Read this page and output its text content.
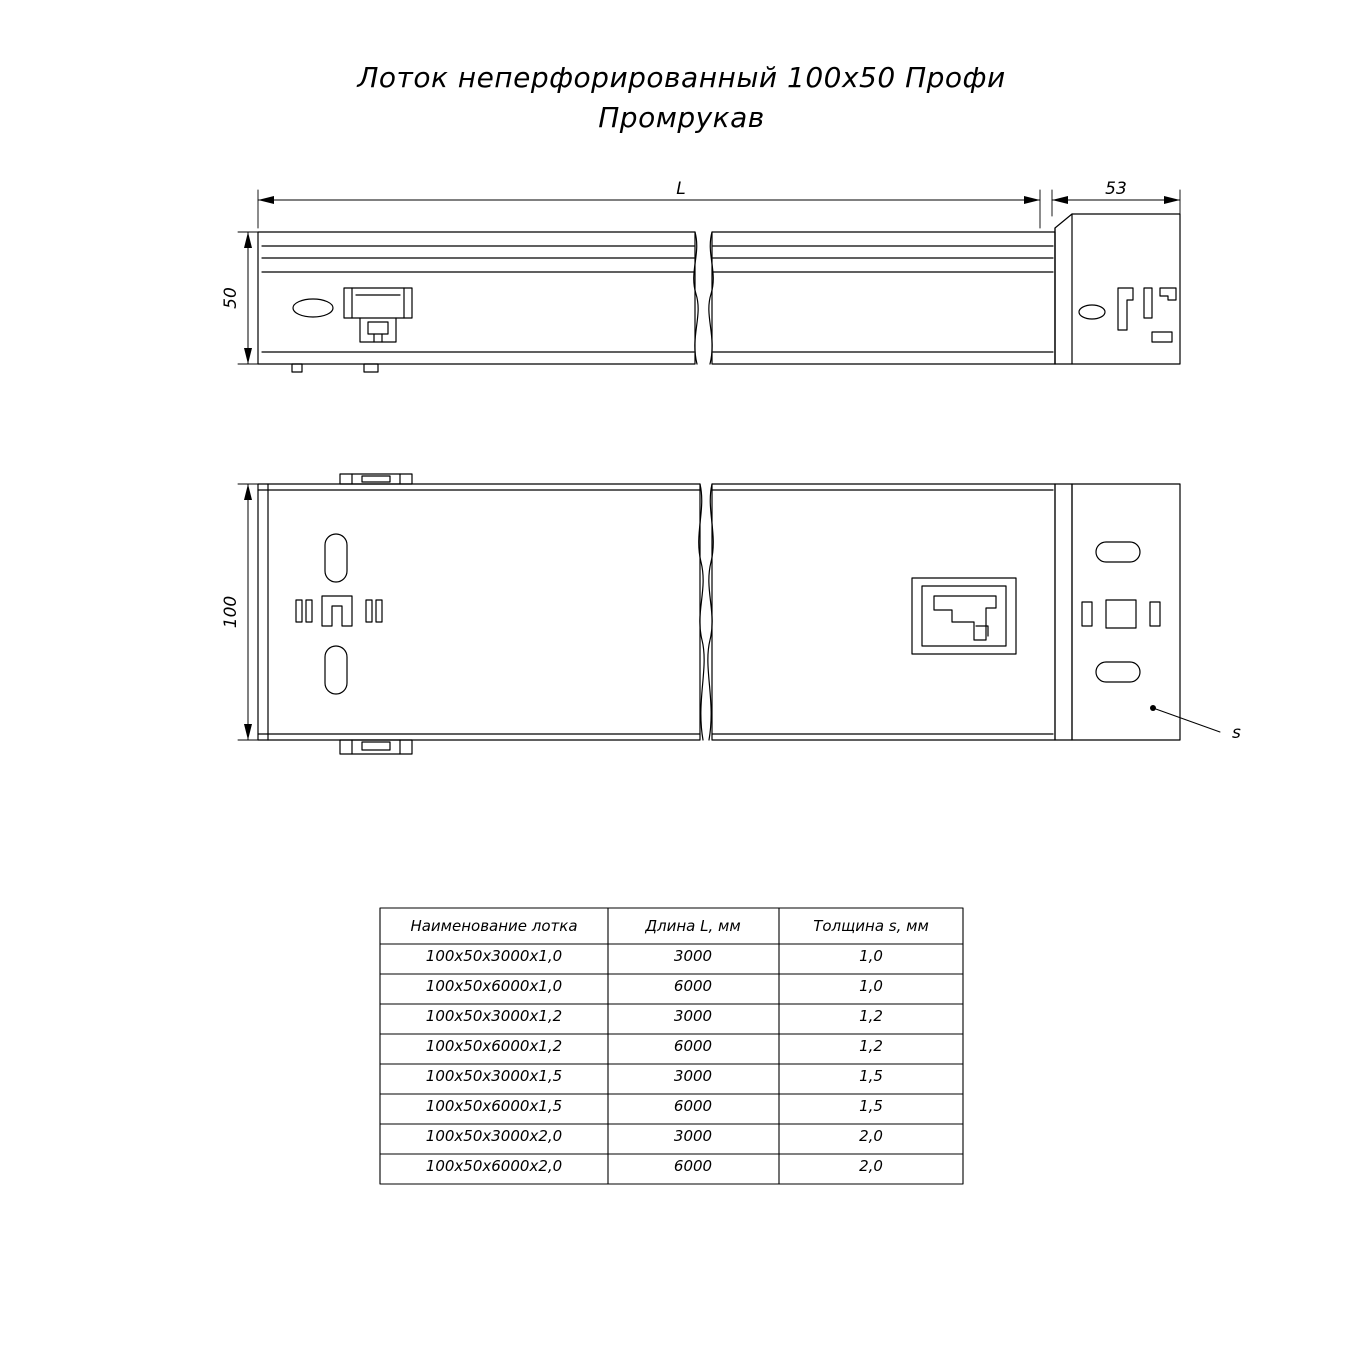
Лоток неперфорированный 100х50 Профи
Промрукав
L	53
50
100
s
Наименование лотка	Длина L, мм	Толщина s, мм
100х50х3000х1,0	3000	1,0
100х50х6000х1,0	6000	1,0
100х50х3000х1,2	3000	1,2
100х50х6000х1,2	6000	1,2
100х50х3000х1,5	3000	1,5
100х50х6000х1,5	6000	1,5
100х50х3000х2,0	3000	2,0
100х50х6000х2,0	6000	2,0
